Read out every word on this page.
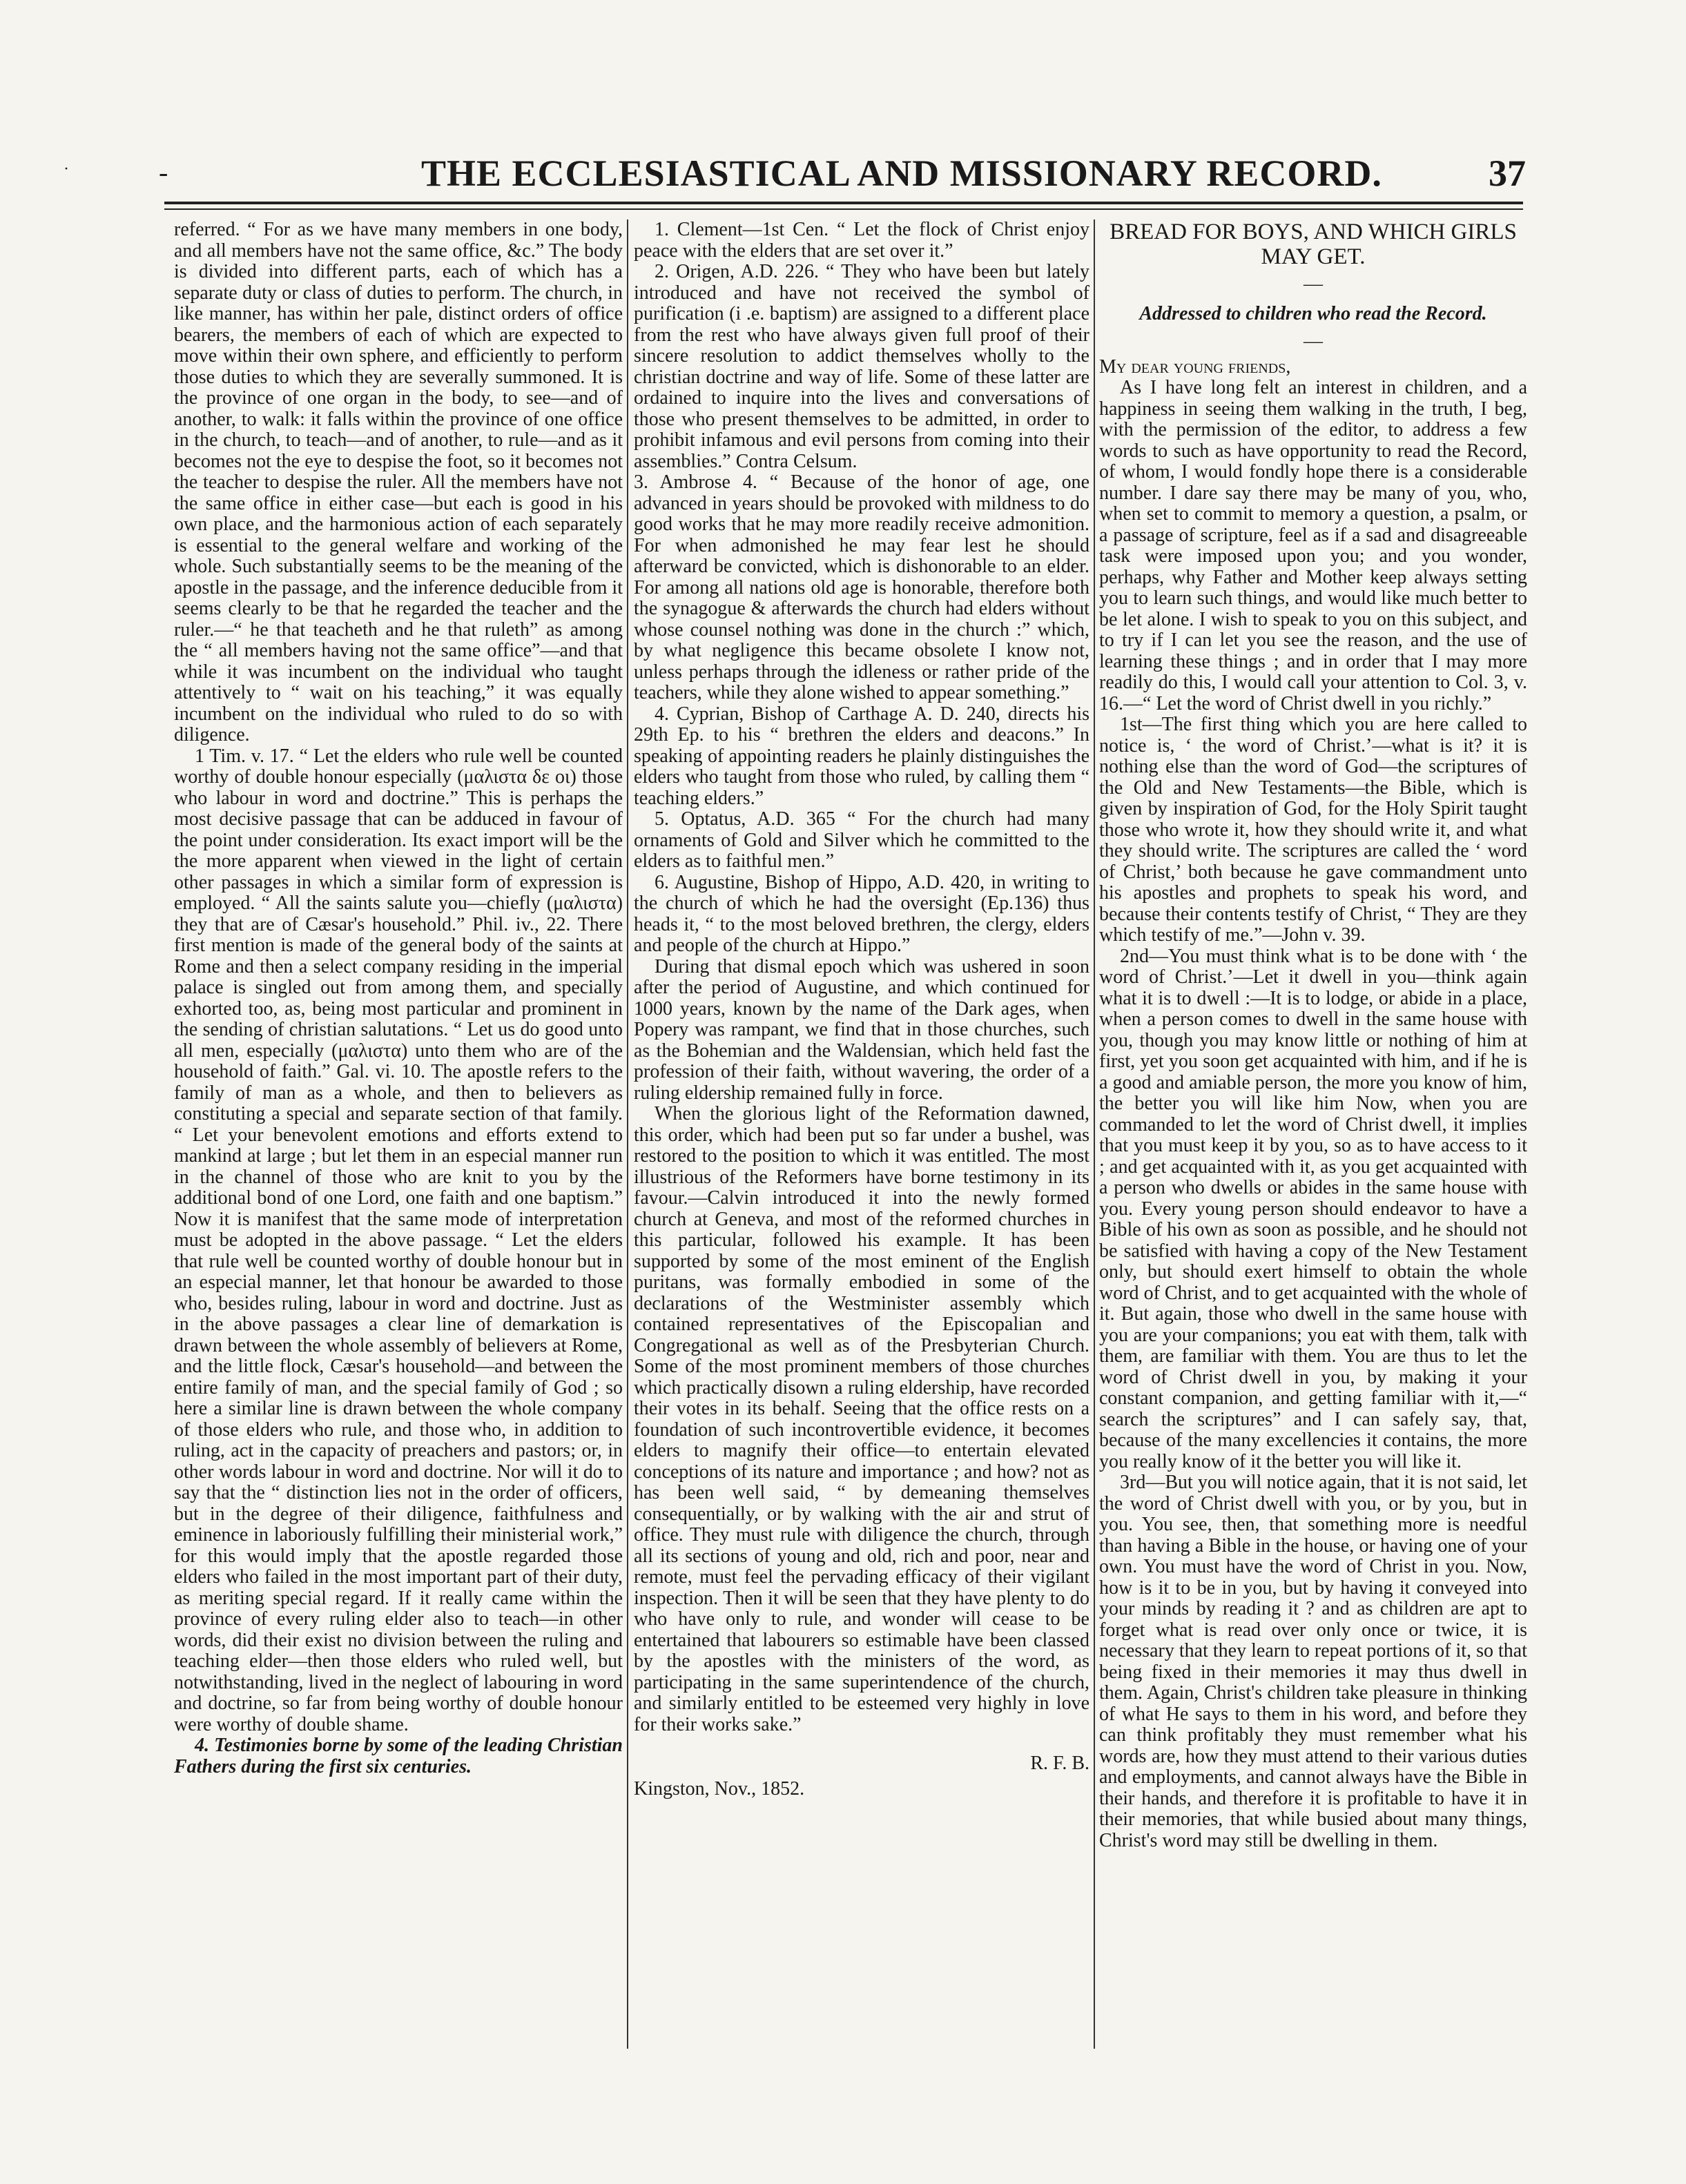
·	-	THE ECCLESIASTICAL AND MISSIONARY RECORD.	37

referred. “ For as we have many members in one body, and all members have not the same office, &c.” The body is divided into different parts, each of which has a separate duty or class of duties to perform. The church, in like manner, has within her pale, distinct orders of office bearers, the members of each of which are expected to move within their own sphere, and efficiently to perform those duties to which they are severally summoned. It is the province of one organ in the body, to see—and of another, to walk: it falls within the province of one office in the church, to teach—and of another, to rule—and as it becomes not the eye to despise the foot, so it becomes not the teacher to despise the ruler. All the members have not the same office in either case—but each is good in his own place, and the harmonious action of each separately is essential to the general welfare and working of the whole. Such substantially seems to be the meaning of the apostle in the passage, and the inference deducible from it seems clearly to be that he regarded the teacher and the ruler.—“ he that teacheth and he that ruleth” as among the “ all members having not the same office”—and that while it was incumbent on the individual who taught attentively to “ wait on his teaching,” it was equally incumbent on the individual who ruled to do so with diligence.

1 Tim. v. 17. “ Let the elders who rule well be counted worthy of double honour especially (μαλιστα δε οι) those who labour in word and doctrine.” This is perhaps the most decisive passage that can be adduced in favour of the point under consideration. Its exact import will be the the more apparent when viewed in the light of certain other passages in which a similar form of expression is employed. “ All the saints salute you—chiefly (μαλιστα) they that are of Cæsar's household.” Phil. iv., 22. There first mention is made of the general body of the saints at Rome and then a select company residing in the imperial palace is singled out from among them, and specially exhorted too, as, being most particular and prominent in the sending of christian salutations. “ Let us do good unto all men, especially (μαλιστα) unto them who are of the household of faith.” Gal. vi. 10. The apostle refers to the family of man as a whole, and then to believers as constituting a special and separate section of that family. “ Let your benevolent emotions and efforts extend to mankind at large ; but let them in an especial manner run in the channel of those who are knit to you by the additional bond of one Lord, one faith and one baptism.” Now it is manifest that the same mode of interpretation must be adopted in the above passage. “ Let the elders that rule well be counted worthy of double honour but in an especial manner, let that honour be awarded to those who, besides ruling, labour in word and doctrine. Just as in the above passages a clear line of demarkation is drawn between the whole assembly of believers at Rome, and the little flock, Cæsar's household—and between the entire family of man, and the special family of God ; so here a similar line is drawn between the whole company of those elders who rule, and those who, in addition to ruling, act in the capacity of preachers and pastors; or, in other words labour in word and doctrine. Nor will it do to say that the “ distinction lies not in the order of officers, but in the degree of their diligence, faithfulness and eminence in laboriously fulfilling their ministerial work,” for this would imply that the apostle regarded those elders who failed in the most important part of their duty, as meriting special regard. If it really came within the province of every ruling elder also to teach—in other words, did their exist no division between the ruling and teaching elder—then those elders who ruled well, but notwithstanding, lived in the neglect of labouring in word and doctrine, so far from being worthy of double honour were worthy of double shame.

4. Testimonies borne by some of the leading Christian Fathers during the first six centuries.

1. Clement—1st Cen. “ Let the flock of Christ enjoy peace with the elders that are set over it.”

2. Origen, A.D. 226. “ They who have been but lately introduced and have not received the symbol of purification (i .e. baptism) are assigned to a different place from the rest who have always given full proof of their sincere resolution to addict themselves wholly to the christian doctrine and way of life. Some of these latter are ordained to inquire into the lives and conversations of those who present themselves to be admitted, in order to prohibit infamous and evil persons from coming into their assemblies.” Contra Celsum.

3. Ambrose 4. “ Because of the honor of age, one advanced in years should be provoked with mildness to do good works that he may more readily receive admonition. For when admonished he may fear lest he should afterward be convicted, which is dishonorable to an elder. For among all nations old age is honorable, therefore both the synagogue & afterwards the church had elders without whose counsel nothing was done in the church :” which, by what negligence this became obsolete I know not, unless perhaps through the idleness or rather pride of the teachers, while they alone wished to appear something.”

4. Cyprian, Bishop of Carthage A. D. 240, directs his 29th Ep. to his “ brethren the elders and deacons.” In speaking of appointing readers he plainly distinguishes the elders who taught from those who ruled, by calling them “ teaching elders.”

5. Optatus, A.D. 365 “ For the church had many ornaments of Gold and Silver which he committed to the elders as to faithful men.”

6. Augustine, Bishop of Hippo, A.D. 420, in writing to the church of which he had the oversight (Ep.136) thus heads it, “ to the most beloved brethren, the clergy, elders and people of the church at Hippo.”

During that dismal epoch which was ushered in soon after the period of Augustine, and which continued for 1000 years, known by the name of the Dark ages, when Popery was rampant, we find that in those churches, such as the Bohemian and the Waldensian, which held fast the profession of their faith, without wavering, the order of a ruling eldership remained fully in force.

When the glorious light of the Reformation dawned, this order, which had been put so far under a bushel, was restored to the position to which it was entitled. The most illustrious of the Reformers have borne testimony in its favour.—Calvin introduced it into the newly formed church at Geneva, and most of the reformed churches in this particular, followed his example. It has been supported by some of the most eminent of the English puritans, was formally embodied in some of the declarations of the Westminister assembly which contained representatives of the Episcopalian and Congregational as well as of the Presbyterian Church. Some of the most prominent members of those churches which practically disown a ruling eldership, have recorded their votes in its behalf. Seeing that the office rests on a foundation of such incontrovertible evidence, it becomes elders to magnify their office—to entertain elevated conceptions of its nature and importance ; and how? not as has been well said, “ by demeaning themselves consequentially, or by walking with the air and strut of office. They must rule with diligence the church, through all its sections of young and old, rich and poor, near and remote, must feel the pervading efficacy of their vigilant inspection. Then it will be seen that they have plenty to do who have only to rule, and wonder will cease to be entertained that labourers so estimable have been classed by the apostles with the ministers of the word, as participating in the same superintendence of the church, and similarly entitled to be esteemed very highly in love for their works sake.”

R. F. B.

Kingston, Nov., 1852.

BREAD FOR BOYS, AND WHICH GIRLS MAY GET.
—
Addressed to children who read the Record.
—

My dear young friends,

As I have long felt an interest in children, and a happiness in seeing them walking in the truth, I beg, with the permission of the editor, to address a few words to such as have opportunity to read the Record, of whom, I would fondly hope there is a considerable number. I dare say there may be many of you, who, when set to commit to memory a question, a psalm, or a passage of scripture, feel as if a sad and disagreeable task were imposed upon you; and you wonder, perhaps, why Father and Mother keep always setting you to learn such things, and would like much better to be let alone. I wish to speak to you on this subject, and to try if I can let you see the reason, and the use of learning these things ; and in order that I may more readily do this, I would call your attention to Col. 3, v. 16.—“ Let the word of Christ dwell in you richly.”

1st—The first thing which you are here called to notice is, ‘ the word of Christ.’—what is it? it is nothing else than the word of God—the scriptures of the Old and New Testaments—the Bible, which is given by inspiration of God, for the Holy Spirit taught those who wrote it, how they should write it, and what they should write. The scriptures are called the ‘ word of Christ,’ both because he gave commandment unto his apostles and prophets to speak his word, and because their contents testify of Christ, “ They are they which testify of me.”—John v. 39.

2nd—You must think what is to be done with ‘ the word of Christ.’—Let it dwell in you—think again what it is to dwell :—It is to lodge, or abide in a place, when a person comes to dwell in the same house with you, though you may know little or nothing of him at first, yet you soon get acquainted with him, and if he is a good and amiable person, the more you know of him, the better you will like him Now, when you are commanded to let the word of Christ dwell, it implies that you must keep it by you, so as to have access to it ; and get acquainted with it, as you get acquainted with a person who dwells or abides in the same house with you. Every young person should endeavor to have a Bible of his own as soon as possible, and he should not be satisfied with having a copy of the New Testament only, but should exert himself to obtain the whole word of Christ, and to get acquainted with the whole of it. But again, those who dwell in the same house with you are your companions; you eat with them, talk with them, are familiar with them. You are thus to let the word of Christ dwell in you, by making it your constant companion, and getting familiar with it,—“ search the scriptures” and I can safely say, that, because of the many excellencies it contains, the more you really know of it the better you will like it.

3rd—But you will notice again, that it is not said, let the word of Christ dwell with you, or by you, but in you. You see, then, that something more is needful than having a Bible in the house, or having one of your own. You must have the word of Christ in you. Now, how is it to be in you, but by having it conveyed into your minds by reading it ? and as children are apt to forget what is read over only once or twice, it is necessary that they learn to repeat portions of it, so that being fixed in their memories it may thus dwell in them. Again, Christ's children take pleasure in thinking of what He says to them in his word, and before they can think profitably they must remember what his words are, how they must attend to their various duties and employments, and cannot always have the Bible in their hands, and therefore it is profitable to have it in their memories, that while busied about many things, Christ's word may still be dwelling in them.
